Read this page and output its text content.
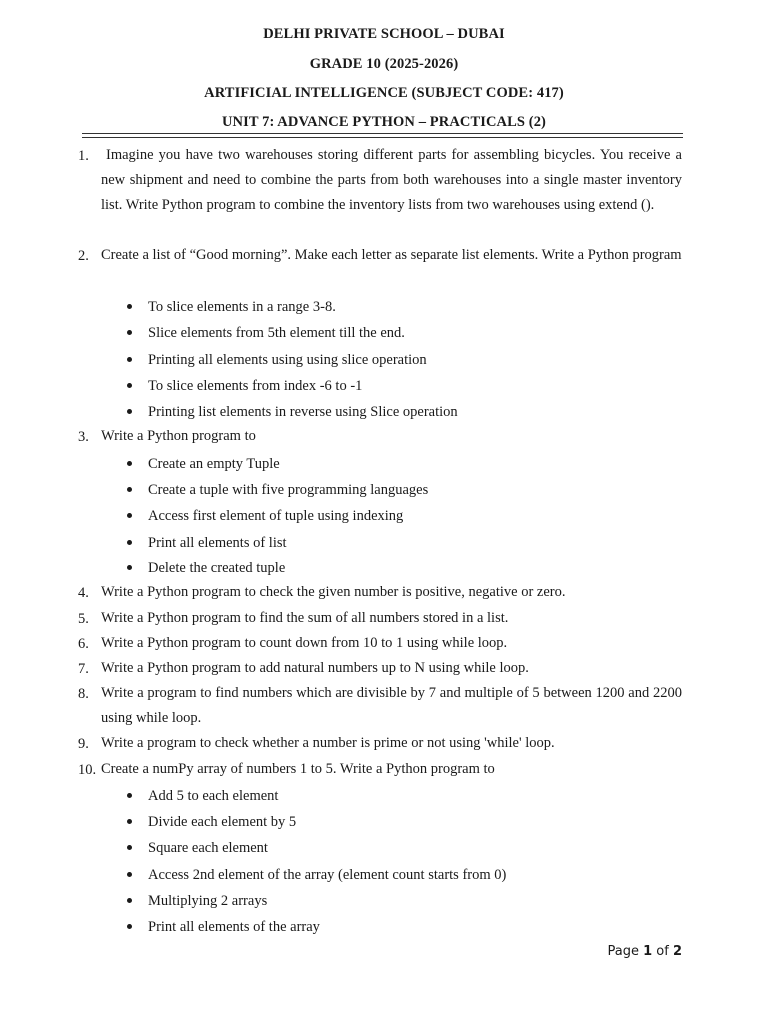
DELHI PRIVATE SCHOOL – DUBAI
GRADE 10 (2025-2026)
ARTIFICIAL INTELLIGENCE (SUBJECT CODE: 417)
UNIT 7: ADVANCE PYTHON – PRACTICALS (2)
1.	Imagine you have two warehouses storing different parts for assembling bicycles. You receive a new shipment and need to combine the parts from both warehouses into a single master inventory list. Write Python program to combine the inventory lists from two warehouses using extend ().
2. Create a list of “Good morning”. Make each letter as separate list elements. Write a Python program
To slice elements in a range 3-8.
Slice elements from 5th element till the end.
Printing all elements using using slice operation
To slice elements from index -6 to -1
Printing list elements in reverse using Slice operation
3. Write a Python program to
Create an empty Tuple
Create a tuple with five programming languages
Access first element of tuple using indexing
Print all elements of list
Delete the created tuple
4. Write a Python program to check the given number is positive, negative or zero.
5. Write a Python program to find the sum of all numbers stored in a list.
6. Write a Python program to count down from 10 to 1 using while loop.
7. Write a Python program to add natural numbers up to N using while loop.
8. Write a program to find numbers which are divisible by 7 and multiple of 5 between 1200 and 2200 using while loop.
9. Write a program to check whether a number is prime or not using 'while' loop.
10. Create a numPy array of numbers 1 to 5. Write a Python program to
Add 5 to each element
Divide each element by 5
Square each element
Access 2nd element of the array (element count starts from 0)
Multiplying 2 arrays
Print all elements of the array
Page 1 of 2
